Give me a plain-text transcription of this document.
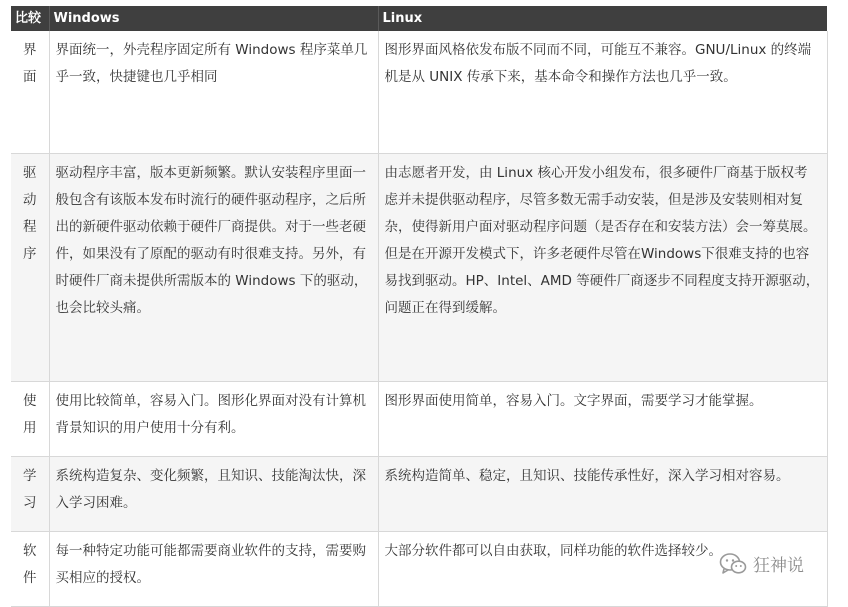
比较	Windows	Linux

界
面	界面统一，外壳程序固定所有 Windows 程序菜单几乎一致，快捷键也几乎相同	图形界面风格依发布版不同而不同，可能互不兼容。GNU/Linux 的终端机是从 UNIX 传承下来，基本命令和操作方法也几乎一致。

驱
动
程
序	驱动程序丰富，版本更新频繁。默认安装程序里面一般包含有该版本发布时流行的硬件驱动程序，之后所出的新硬件驱动依赖于硬件厂商提供。对于一些老硬件，如果没有了原配的驱动有时很难支持。另外，有时硬件厂商未提供所需版本的 Windows 下的驱动，也会比较头痛。	由志愿者开发，由 Linux 核心开发小组发布，很多硬件厂商基于版权考虑并未提供驱动程序，尽管多数无需手动安装，但是涉及安装则相对复杂，使得新用户面对驱动程序问题（是否存在和安装方法）会一筹莫展。但是在开源开发模式下，许多老硬件尽管在Windows下很难支持的也容易找到驱动。HP、Intel、AMD 等硬件厂商逐步不同程度支持开源驱动，问题正在得到缓解。

使
用	使用比较简单，容易入门。图形化界面对没有计算机背景知识的用户使用十分有利。	图形界面使用简单，容易入门。文字界面，需要学习才能掌握。

学
习	系统构造复杂、变化频繁，且知识、技能淘汰快，深入学习困难。	系统构造简单、稳定，且知识、技能传承性好，深入学习相对容易。

软
件	每一种特定功能可能都需要商业软件的支持，需要购买相应的授权。	大部分软件都可以自由获取，同样功能的软件选择较少。
狂神说
